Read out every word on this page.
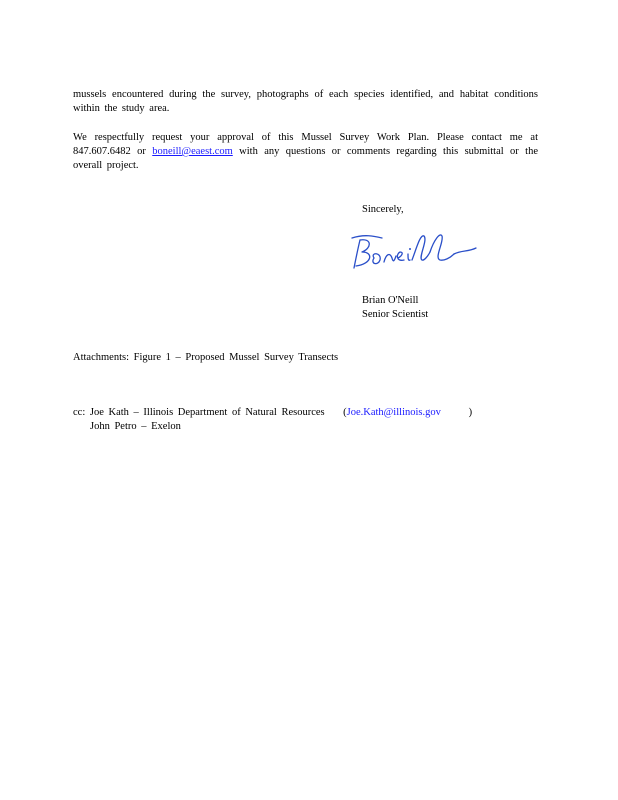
mussels encountered during the survey, photographs of each species identified, and habitat conditions within the study area.
We respectfully request your approval of this Mussel Survey Work Plan. Please contact me at 847.607.6482 or boneill@eaest.com with any questions or comments regarding this submittal or the overall project.
Sincerely,
Brian O'Neill
Senior Scientist
Attachments: Figure 1 – Proposed Mussel Survey Transects
cc: Joe Kath – Illinois Department of Natural Resources (Joe.Kath@illinois.gov	)
John Petro – Exelon
